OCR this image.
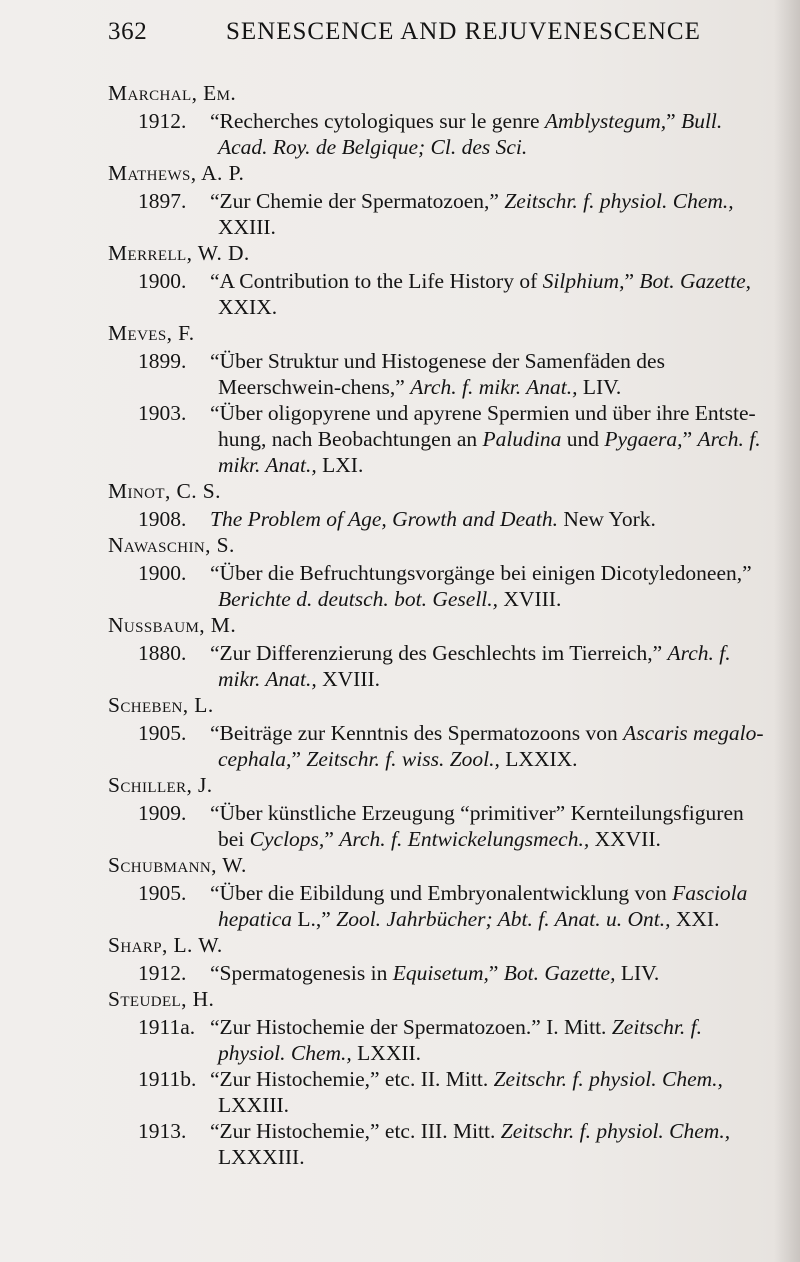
362	SENESCENCE AND REJUVENESCENCE
Marchal, Em.

1912. “Recherches cytologiques sur le genre Amblystegum,” Bull. Acad. Roy. de Belgique; Cl. des Sci.

Mathews, A. P.

1897. “Zur Chemie der Spermatozoen,” Zeitschr. f. physiol. Chem., XXIII.

Merrell, W. D.

1900. “A Contribution to the Life History of Silphium,” Bot. Gazette, XXIX.

Meves, F.

1899. “Über Struktur und Histogenese der Samenfäden des Meerschwein-chens,” Arch. f. mikr. Anat., LIV.

1903. “Über oligopyrene und apyrene Spermien und über ihre Entste-hung, nach Beobachtungen an Paludina und Pygaera,” Arch. f. mikr. Anat., LXI.

Minot, C. S.

1908. The Problem of Age, Growth and Death. New York.

Nawaschin, S.

1900. “Über die Befruchtungsvorgänge bei einigen Dicotyledoneen,” Berichte d. deutsch. bot. Gesell., XVIII.

Nussbaum, M.

1880. “Zur Differenzierung des Geschlechts im Tierreich,” Arch. f. mikr. Anat., XVIII.

Scheben, L.

1905. “Beiträge zur Kenntnis des Spermatozoons von Ascaris megalo-cephala,” Zeitschr. f. wiss. Zool., LXXIX.

Schiller, J.

1909. “Über künstliche Erzeugung “primitiver” Kernteilungsfiguren bei Cyclops,” Arch. f. Entwickelungsmech., XXVII.

Schubmann, W.

1905. “Über die Eibildung und Embryonalentwicklung von Fasciola hepatica L.,” Zool. Jahrbücher; Abt. f. Anat. u. Ont., XXI.

Sharp, L. W.

1912. “Spermatogenesis in Equisetum,” Bot. Gazette, LIV.

Steudel, H.

1911a. “Zur Histochemie der Spermatozoen.” I. Mitt. Zeitschr. f. physiol. Chem., LXXII.

1911b. “Zur Histochemie,” etc. II. Mitt. Zeitschr. f. physiol. Chem., LXXIII.

1913. “Zur Histochemie,” etc. III. Mitt. Zeitschr. f. physiol. Chem., LXXXIII.
